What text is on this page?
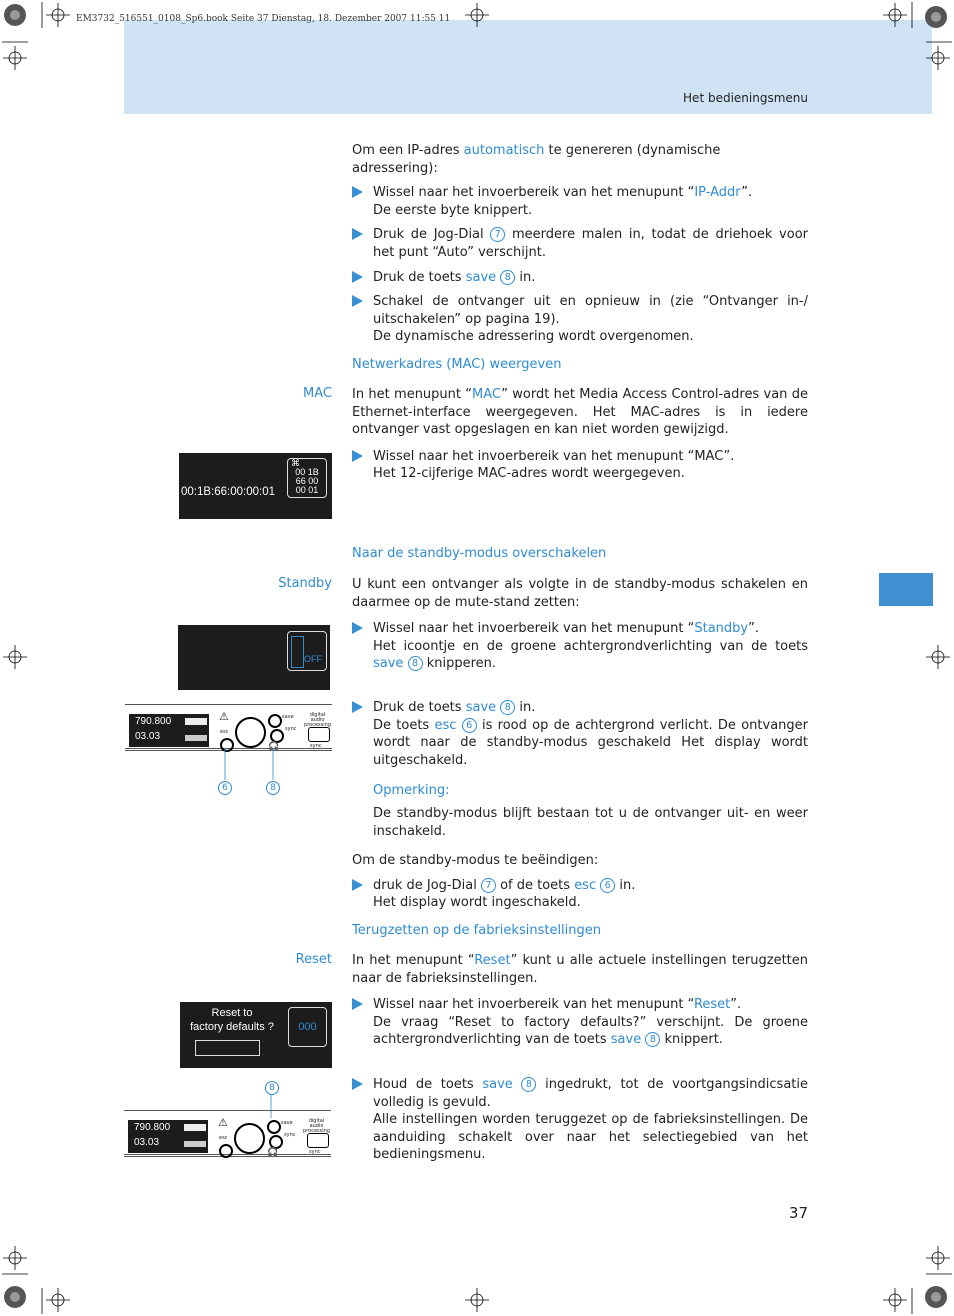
Het bedieningsmenu
EM3732_516551_0108_Sp6.book Seite 37 Dienstag, 18. Dezember 2007 11:55 11

Om een IP-adres automatisch te genereren (dynamische adressering):

Wissel naar het invoerbereik van het menupunt “IP-Addr”.
De eerste byte knippert.
Druk de Jog-Dial 7 meerdere malen in, todat de driehoek voor het punt “Auto” verschijnt.
Druk de toets save 8 in.
Schakel de ontvanger uit en opnieuw in (zie “Ontvanger in-/ uitschakelen” op pagina 19).
De dynamische adressering wordt overgenomen.
Netwerkadres (MAC) weergeven
MAC In het menupunt “MAC” wordt het Media Access Control-adres van de Ethernet-interface weergegeven. Het MAC-adres is in iedere ontvanger vast opgeslagen en kan niet worden gewijzigd.

Wissel naar het invoerbereik van het menupunt “MAC”.
Het 12-cijferige MAC-adres wordt weergegeven.
00:1B:66:00:00:01
⌘
00 1B
66 00
00 01
Naar de standby-modus overschakelen
Standby U kunt een ontvanger als volgte in de standby-modus schakelen en daarmee op de mute-stand zetten:

Wissel naar het invoerbereik van het menupunt “Standby”.
Het icoontje en de groene achtergrondverlichting van de toets save 8 knipperen.
Druk de toets save 8 in.
De toets esc 6 is rood op de achtergrond verlicht. De ontvanger wordt naar de standby-modus geschakeld Het display wordt uitgeschakeld.
Opmerking:
De standby-modus blijft bestaan tot u de ontvanger uit- en weer inschakeld.

Om de standby-modus te beëindigen:

druk de Jog-Dial 7 of de toets esc 6 in.
Het display wordt ingeschakeld.
OFF
790.800
03.03
⚠
esc
save
sync
🎧
digital audio
processing
sync
6	8
Terugzetten op de fabrieksinstellingen
Reset In het menupunt “Reset” kunt u alle actuele instellingen terugzetten naar de fabrieksinstellingen.

Wissel naar het invoerbereik van het menupunt “Reset”.
De vraag “Reset to factory defaults?” verschijnt. De groene achtergrondverlichting van de toets save 8 knippert.
Houd de toets save 8 ingedrukt, tot de voortgangsindicsatie volledig is gevuld.
Alle instellingen worden teruggezet op de fabrieksinstellingen. De aanduiding schakelt over naar het selectiegebied van het bedieningsmenu.
Reset to
factory defaults ?	000
8
790.800
03.03
⚠
esc
save
sync
🎧
digital audio
processing
sync
37
